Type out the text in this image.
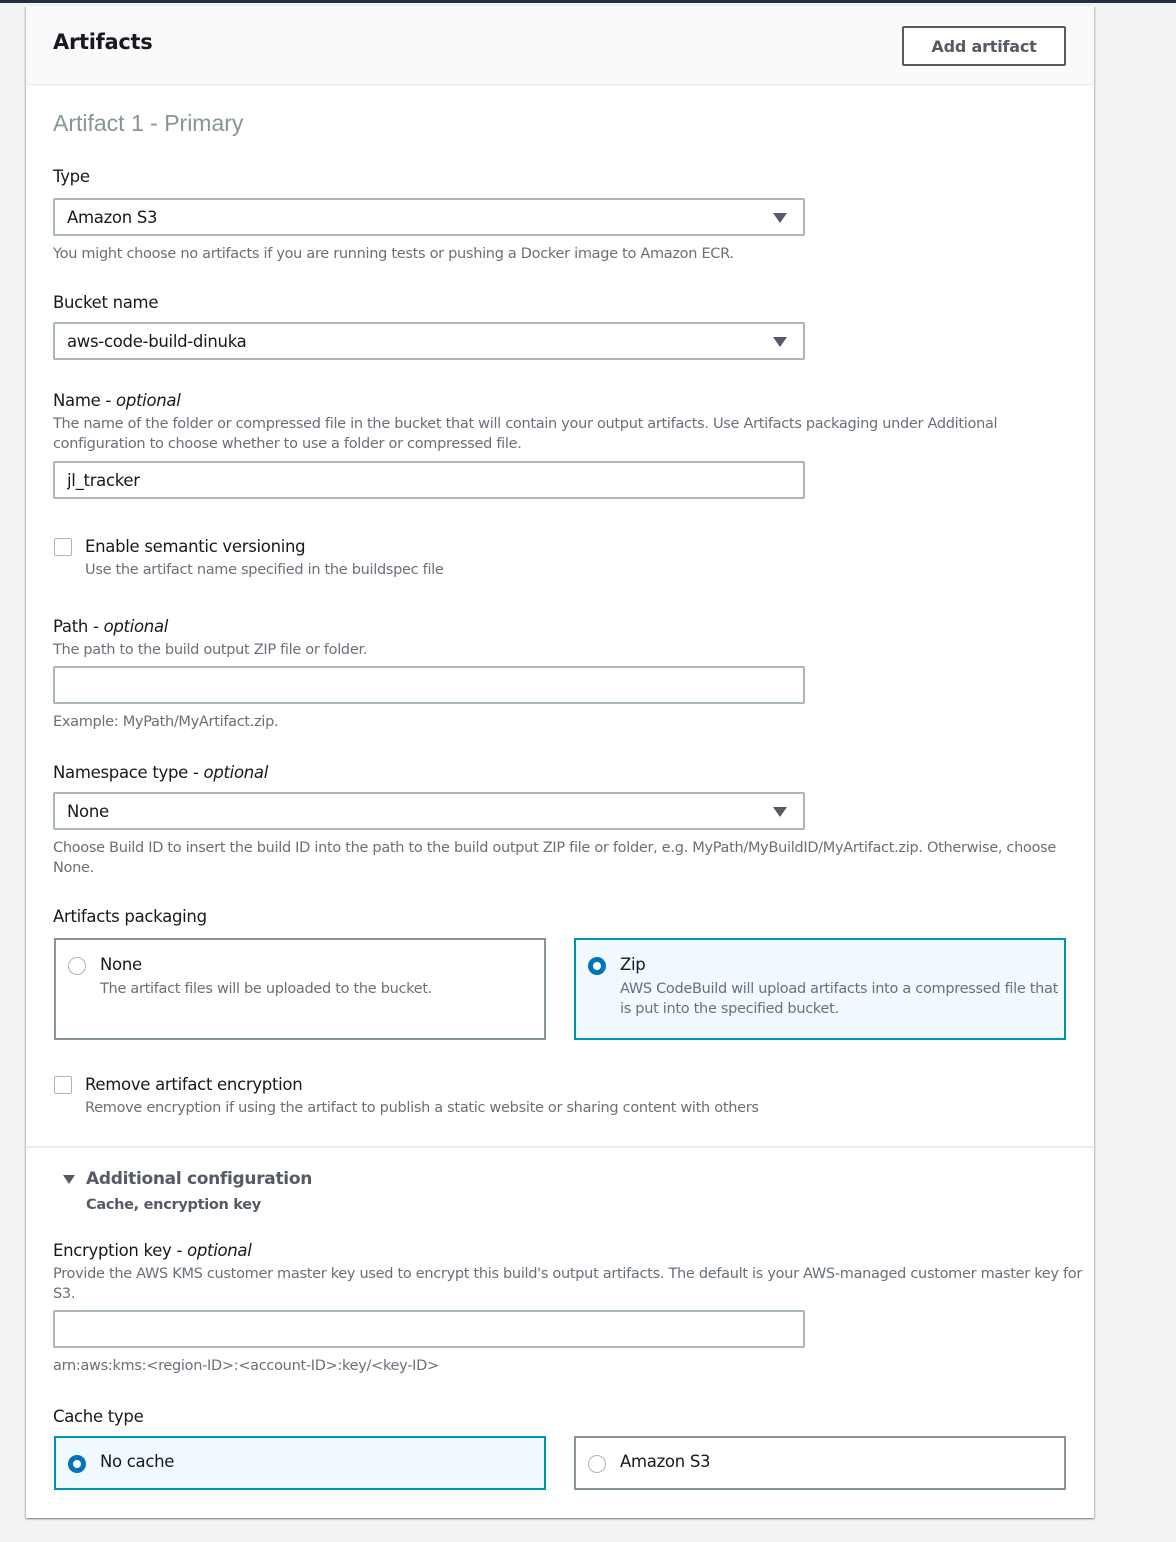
Artifacts	Add artifact
Artifact 1 - Primary
Type
Amazon S3
You might choose no artifacts if you are running tests or pushing a Docker image to Amazon ECR.
Bucket name
aws-code-build-dinuka
Name - optional
The name of the folder or compressed file in the bucket that will contain your output artifacts. Use Artifacts packaging under Additional configuration to choose whether to use a folder or compressed file.
jl_tracker
Enable semantic versioning
Use the artifact name specified in the buildspec file
Path - optional
The path to the build output ZIP file or folder.
Example: MyPath/MyArtifact.zip.
Namespace type - optional
None
Choose Build ID to insert the build ID into the path to the build output ZIP file or folder, e.g. MyPath/MyBuildID/MyArtifact.zip. Otherwise, choose None.
Artifacts packaging
None
The artifact files will be uploaded to the bucket.
Zip
AWS CodeBuild will upload artifacts into a compressed file that is put into the specified bucket.
Remove artifact encryption
Remove encryption if using the artifact to publish a static website or sharing content with others
Additional configuration
Cache, encryption key
Encryption key - optional
Provide the AWS KMS customer master key used to encrypt this build's output artifacts. The default is your AWS-managed customer master key for S3.
arn:aws:kms:<region-ID>:<account-ID>:key/<key-ID>
Cache type
No cache	Amazon S3
